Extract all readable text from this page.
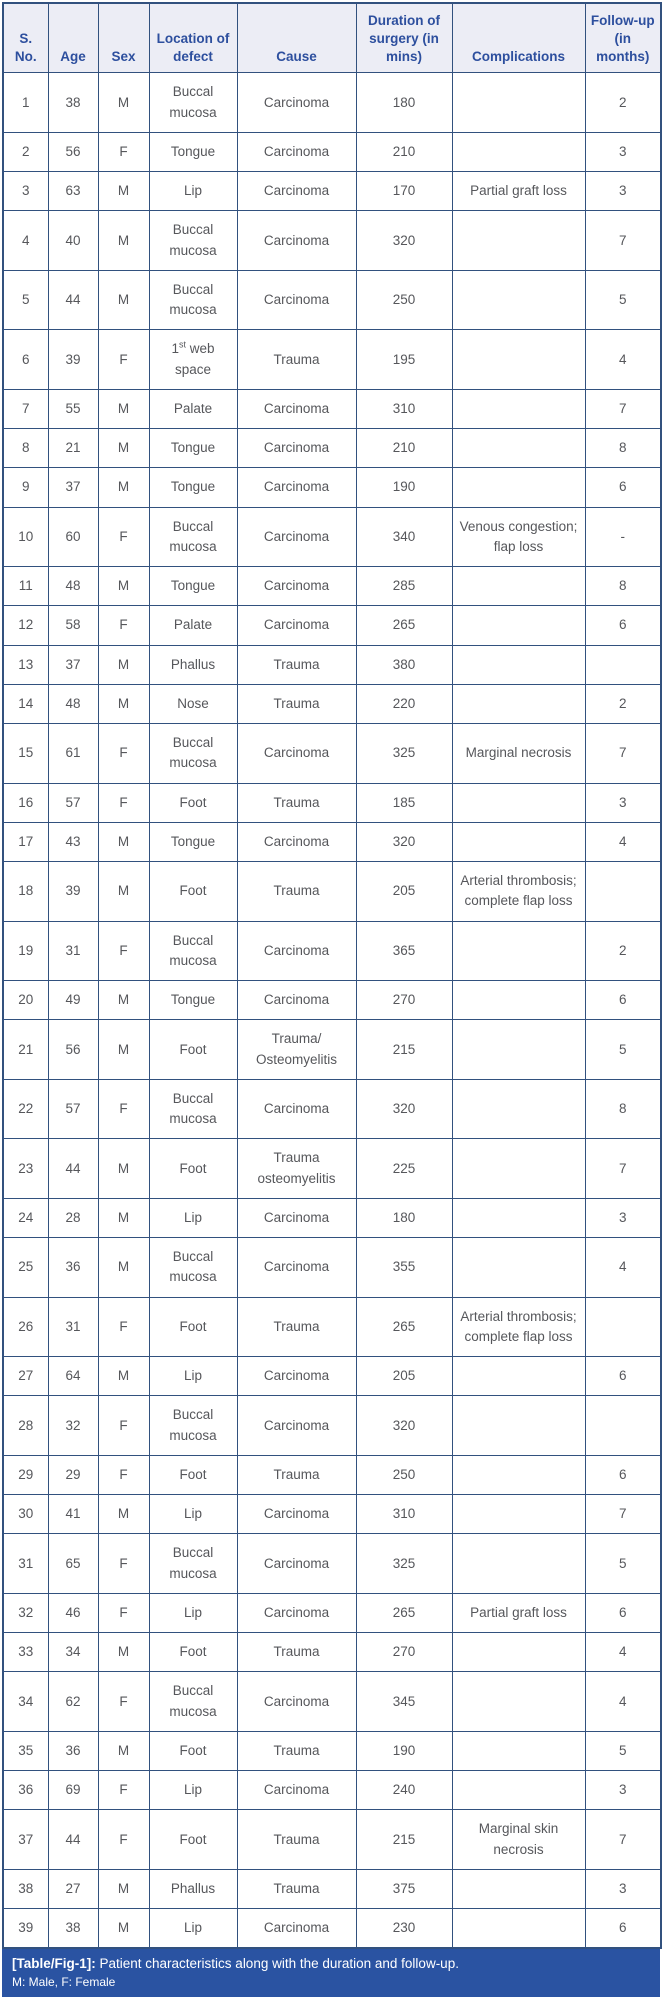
S. No.	Age	Sex	Location of defect	Cause	Duration of surgery (in mins)	Complications	Follow-up (in months)
1	38	M	Buccal mucosa	Carcinoma	180		2
2	56	F	Tongue	Carcinoma	210		3
3	63	M	Lip	Carcinoma	170	Partial graft loss	3
4	40	M	Buccal mucosa	Carcinoma	320		7
5	44	M	Buccal mucosa	Carcinoma	250		5
6	39	F	1st web space	Trauma	195		4
7	55	M	Palate	Carcinoma	310		7
8	21	M	Tongue	Carcinoma	210		8
9	37	M	Tongue	Carcinoma	190		6
10	60	F	Buccal mucosa	Carcinoma	340	Venous congestion; flap loss	-
11	48	M	Tongue	Carcinoma	285		8
12	58	F	Palate	Carcinoma	265		6
13	37	M	Phallus	Trauma	380		
14	48	M	Nose	Trauma	220		2
15	61	F	Buccal mucosa	Carcinoma	325	Marginal necrosis	7
16	57	F	Foot	Trauma	185		3
17	43	M	Tongue	Carcinoma	320		4
18	39	M	Foot	Trauma	205	Arterial thrombosis; complete flap loss	
19	31	F	Buccal mucosa	Carcinoma	365		2
20	49	M	Tongue	Carcinoma	270		6
21	56	M	Foot	Trauma/ Osteomyelitis	215		5
22	57	F	Buccal mucosa	Carcinoma	320		8
23	44	M	Foot	Trauma osteomyelitis	225		7
24	28	M	Lip	Carcinoma	180		3
25	36	M	Buccal mucosa	Carcinoma	355		4
26	31	F	Foot	Trauma	265	Arterial thrombosis; complete flap loss	
27	64	M	Lip	Carcinoma	205		6
28	32	F	Buccal mucosa	Carcinoma	320		
29	29	F	Foot	Trauma	250		6
30	41	M	Lip	Carcinoma	310		7
31	65	F	Buccal mucosa	Carcinoma	325		5
32	46	F	Lip	Carcinoma	265	Partial graft loss	6
33	34	M	Foot	Trauma	270		4
34	62	F	Buccal mucosa	Carcinoma	345		4
35	36	M	Foot	Trauma	190		5
36	69	F	Lip	Carcinoma	240		3
37	44	F	Foot	Trauma	215	Marginal skin necrosis	7
38	27	M	Phallus	Trauma	375		3
39	38	M	Lip	Carcinoma	230		6
[Table/Fig-1]: Patient characteristics along with the duration and follow-up.
M: Male, F: Female
